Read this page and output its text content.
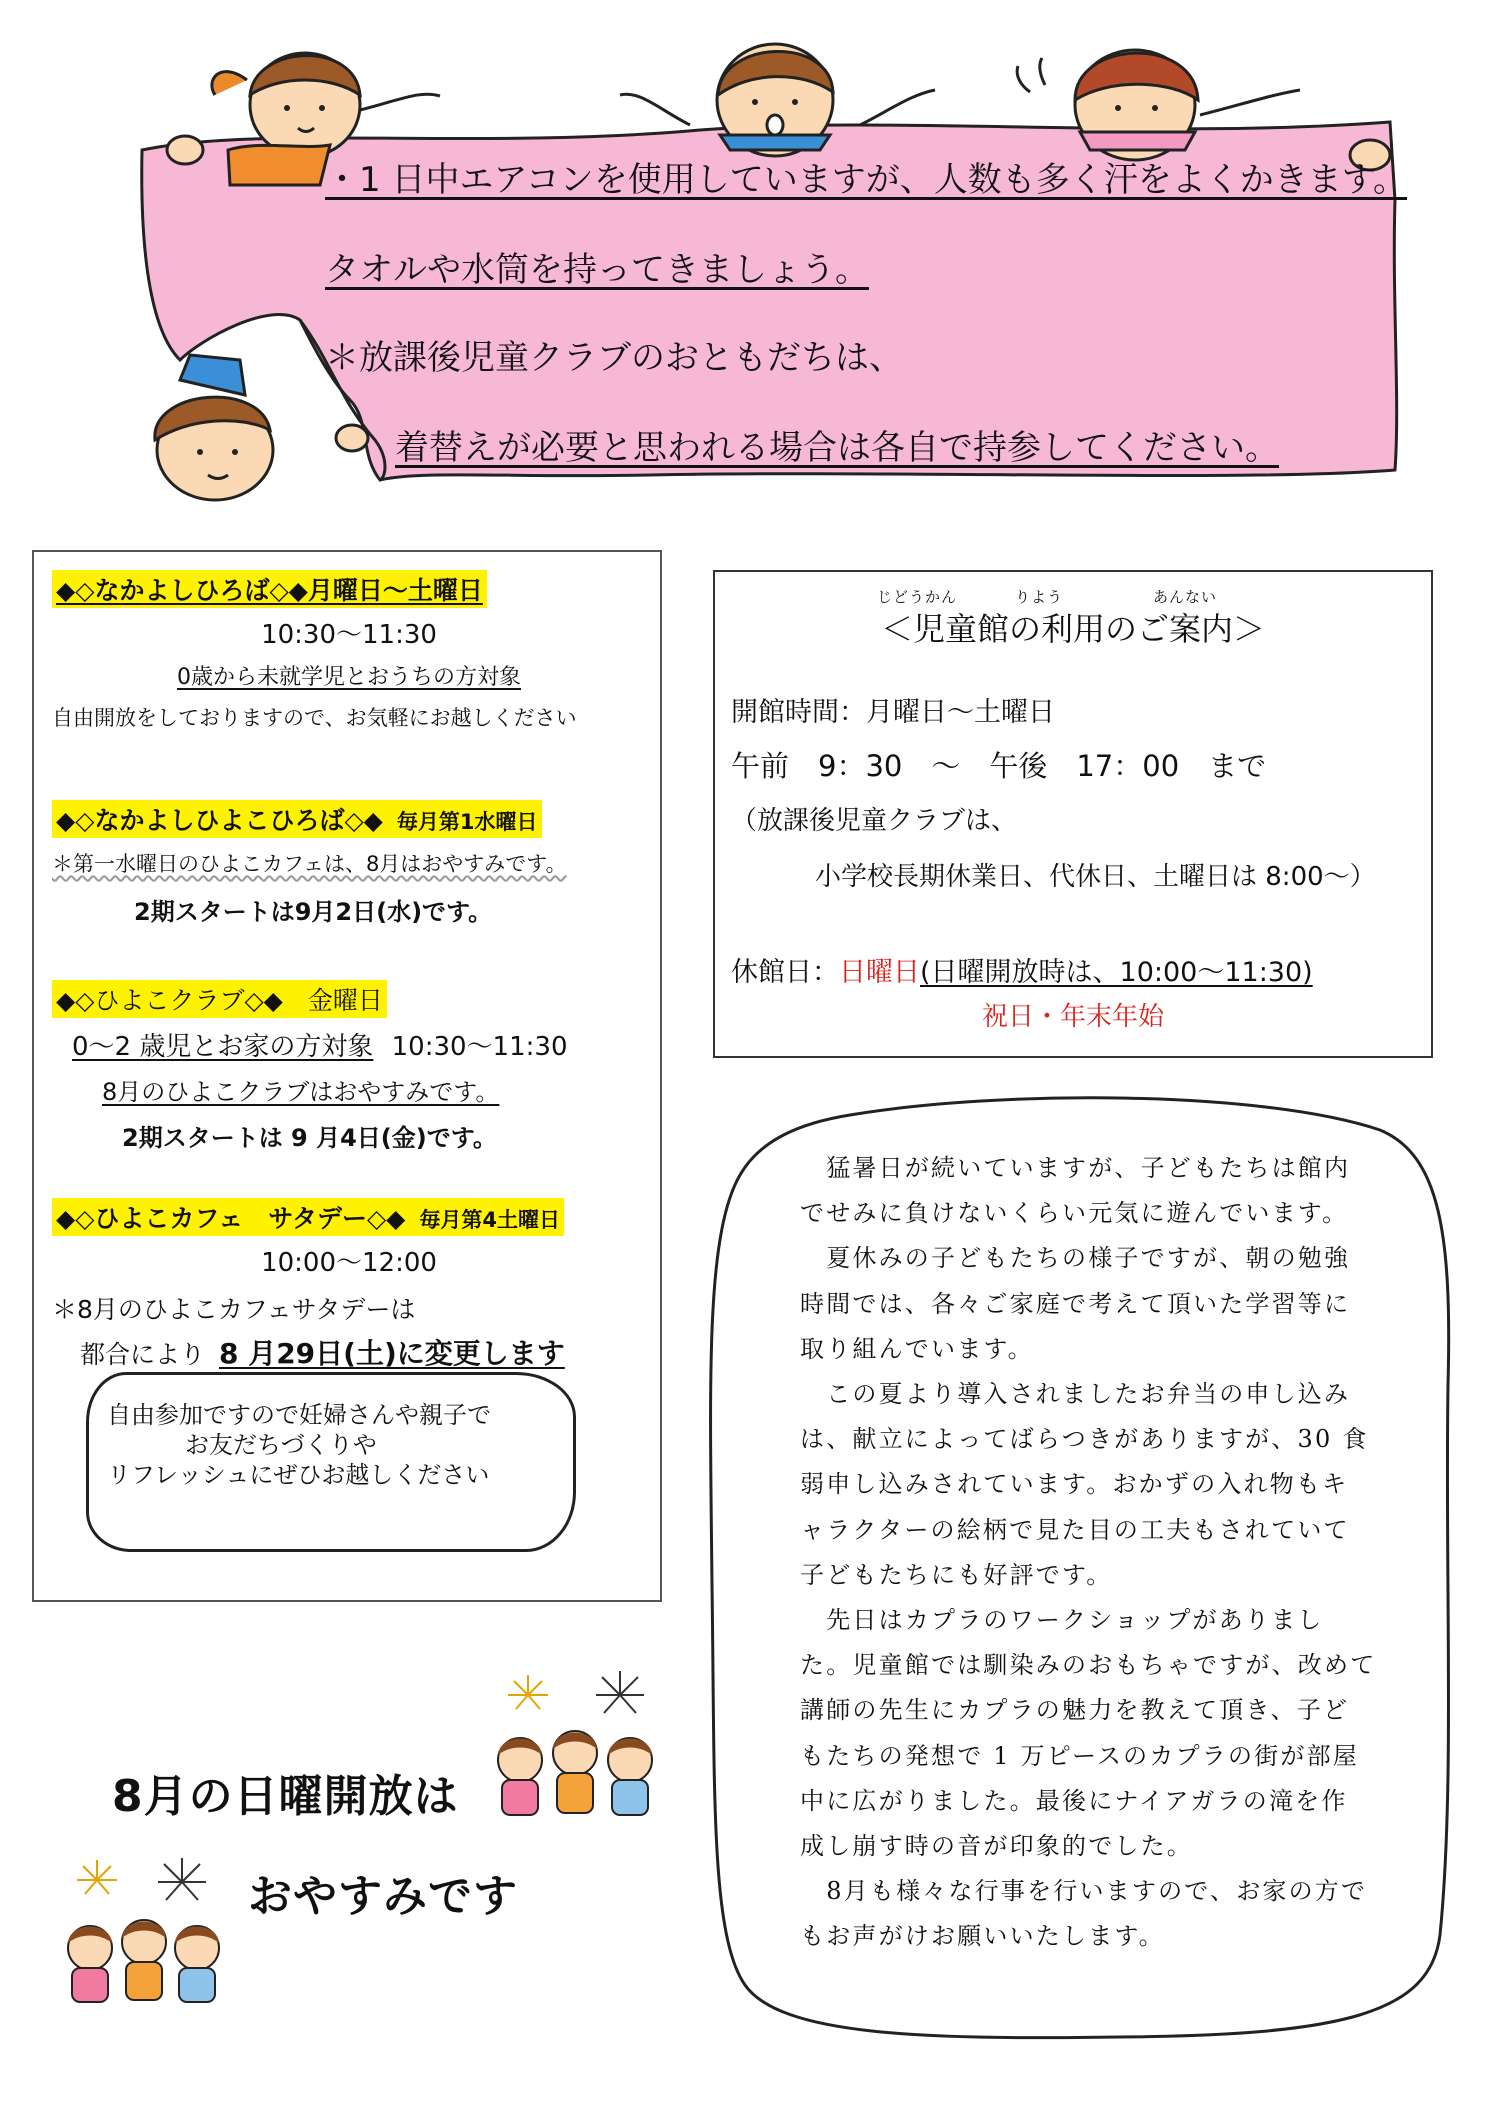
・1 日中エアコンを使用していますが、人数も多く汗をよくかきます。
タオルや水筒を持ってきましょう。
＊放課後児童クラブのおともだちは、
着替えが必要と思われる場合は各自で持参してください。
◆◇なかよしひろば◇◆月曜日～土曜日
10:30～11:30
0歳から未就学児とおうちの方対象
自由開放をしておりますので、お気軽にお越しください
◆◇なかよしひよこひろば◇◆ 毎月第1水曜日
＊第一水曜日のひよこカフェは、8月はおやすみです。
2期スタートは9月2日(水)です。
◆◇ひよこクラブ◇◆　金曜日
0～2 歳児とお家の方対象 10:30～11:30
8月のひよこクラブはおやすみです。
2期スタートは 9 月4日(金)です。
◆◇ひよこカフェ　サタデー◇◆ 毎月第4土曜日
10:00～12:00
＊8月のひよこカフェサタデーは
都合により 8 月29日(土)に変更します
自由参加ですので妊婦さんや親子で
お友だちづくりや
リフレッシュにぜひお越しください
じどうかん	りよう	あんない
＜児童館の利用のご案内＞
開館時間：月曜日～土曜日
午前　9：30　～　午後　17：00　まで
（放課後児童クラブは、
小学校長期休業日、代休日、土曜日は 8:00～）
休館日：日曜日(日曜開放時は、10:00～11:30)
祝日・年末年始
　猛暑日が続いていますが、子どもたちは館内
でせみに負けないくらい元気に遊んでいます。
　夏休みの子どもたちの様子ですが、朝の勉強
時間では、各々ご家庭で考えて頂いた学習等に
取り組んでいます。
　この夏より導入されましたお弁当の申し込み
は、献立によってばらつきがありますが、30 食
弱申し込みされています。おかずの入れ物もキ
ャラクターの絵柄で見た目の工夫もされていて
子どもたちにも好評です。
　先日はカプラのワークショップがありまし
た。児童館では馴染みのおもちゃですが、改めて
講師の先生にカプラの魅力を教えて頂き、子ど
もたちの発想で 1 万ピースのカプラの街が部屋
中に広がりました。最後にナイアガラの滝を作
成し崩す時の音が印象的でした。
　8月も様々な行事を行いますので、お家の方で
もお声がけお願いいたします。
8月の日曜開放は
おやすみです
